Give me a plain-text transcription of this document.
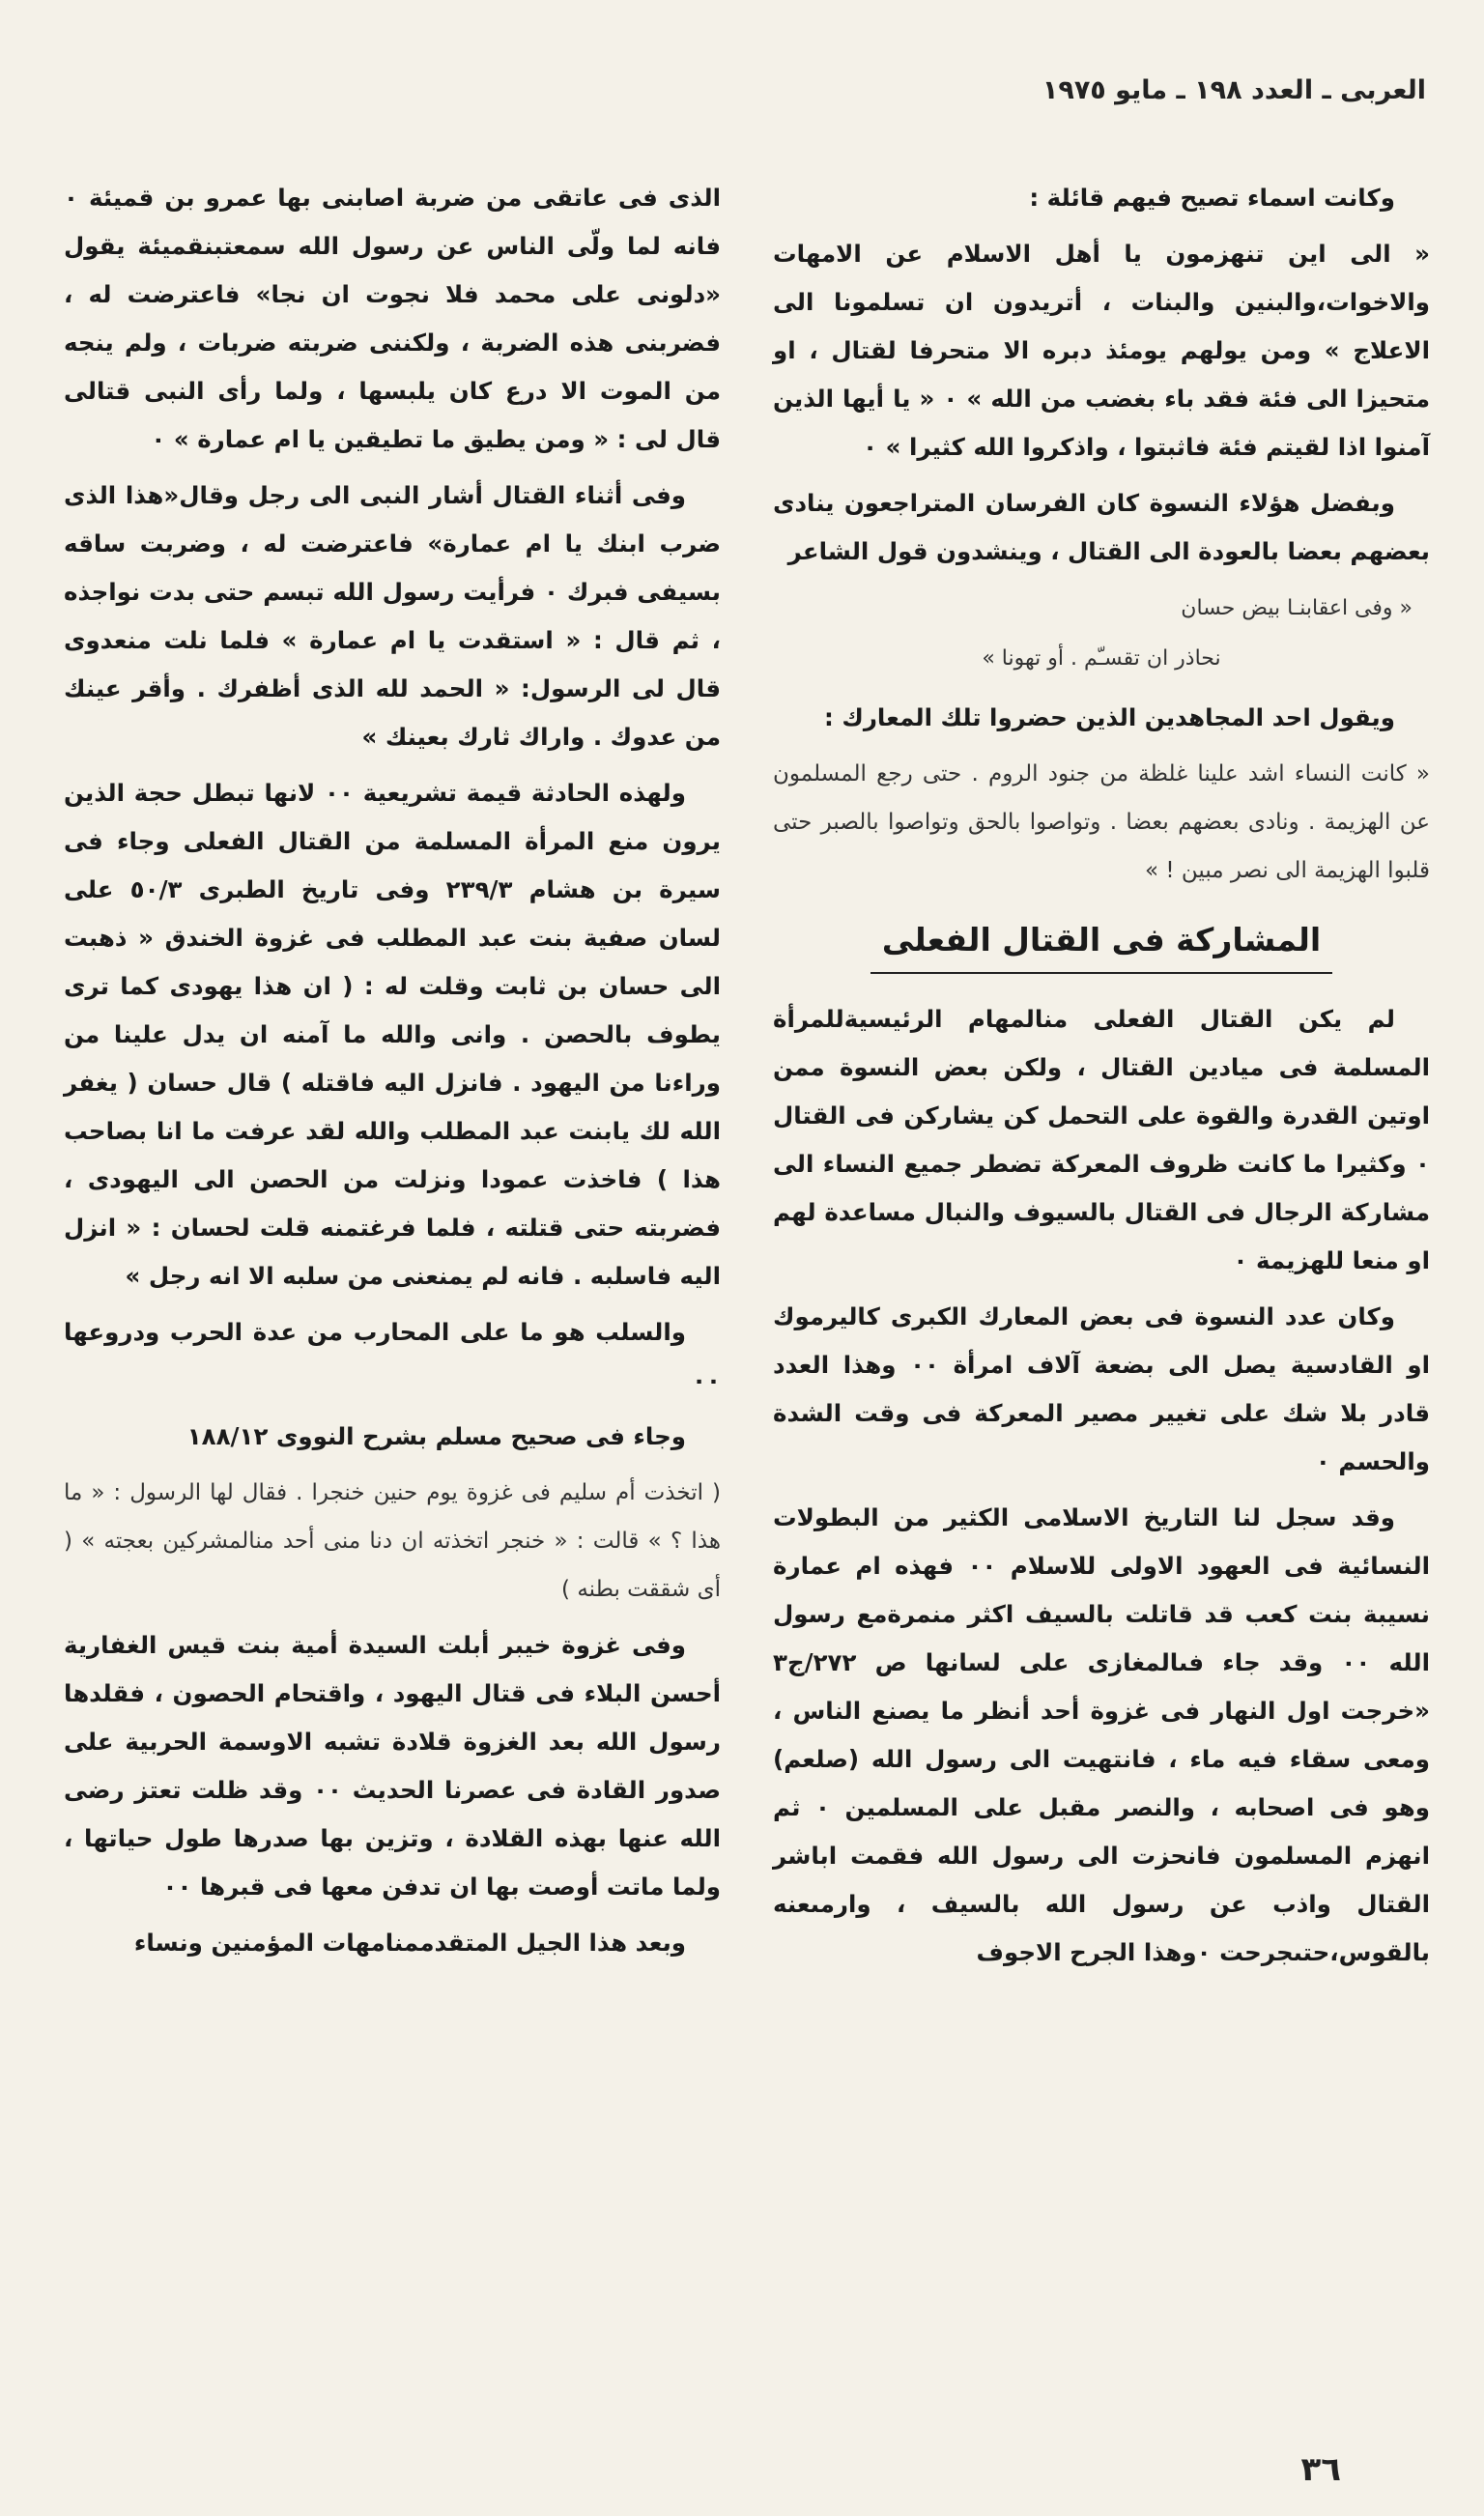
العربى ـ العدد ١٩٨ ـ مايو ١٩٧٥

وكانت اسماء تصيح فيهم قائلة :

« الى اين تنهزمون يا أهل الاسلام عن الامهات والاخوات،والبنين والبنات ، أتريدون ان تسلمونا الى الاعلاج » ومن يولهم يومئذ دبره الا متحرفا لقتال ، او متحيزا الى فئة فقد باء بغضب من الله » ٠ « يا أيها الذين آمنوا اذا لقيتم فئة فاثبتوا ، واذكروا الله كثيرا » ٠

وبفضل هؤلاء النسوة كان الفرسان المتراجعون ينادى بعضهم بعضا بالعودة الى القتال ، وينشدون قول الشاعر

« وفى اعقابنـا بيض حسان
نحاذر ان تقسـّم . أو تهونا »

ويقول احد المجاهدين الذين حضروا تلك المعارك :

« كانت النساء اشد علينا غلظة من جنود الروم . حتى رجع المسلمون عن الهزيمة . ونادى بعضهم بعضا . وتواصوا بالحق وتواصوا بالصبر حتى قلبوا الهزيمة الى نصر مبين ! »

المشاركة فى القتال الفعلى

لم يكن القتال الفعلى منالمهام الرئيسيةللمرأة المسلمة فى ميادين القتال ، ولكن بعض النسوة ممن اوتين القدرة والقوة على التحمل كن يشاركن فى القتال ٠ وكثيرا ما كانت ظروف المعركة تضطر جميع النساء الى مشاركة الرجال فى القتال بالسيوف والنبال مساعدة لهم او منعا للهزيمة ٠

وكان عدد النسوة فى بعض المعارك الكبرى كاليرموك او القادسية يصل الى بضعة آلاف امرأة ٠٠ وهذا العدد قادر بلا شك على تغيير مصير المعركة فى وقت الشدة والحسم ٠

وقد سجل لنا التاريخ الاسلامى الكثير من البطولات النسائية فى العهود الاولى للاسلام ٠٠ فهذه ام عمارة نسيبة بنت كعب قد قاتلت بالسيف اكثر منمرةمع رسول الله ٠٠ وقد جاء فىالمغازى على لسانها ص ٢٧٢/ج٣ «خرجت اول النهار فى غزوة أحد أنظر ما يصنع الناس ، ومعى سقاء فيه ماء ، فانتهيت الى رسول الله (صلعم) وهو فى اصحابه ، والنصر مقبل على المسلمين ٠ ثم انهزم المسلمون فانحزت الى رسول الله فقمت اباشر القتال واذب عن رسول الله بالسيف ، وارمىعنه بالقوس،حتىجرحت ٠وهذا الجرح الاجوف

الذى فى عاتقى من ضربة اصابنى بها عمرو بن قميئة ٠ فانه لما ولّى الناس عن رسول الله سمعتبنقميئة يقول «دلونى على محمد فلا نجوت ان نجا» فاعترضت له ، فضربنى هذه الضربة ، ولكننى ضربته ضربات ، ولم ينجه من الموت الا درع كان يلبسها ، ولما رأى النبى قتالى قال لى : « ومن يطيق ما تطيقين يا ام عمارة » ٠

وفى أثناء القتال أشار النبى الى رجل وقال«هذا الذى ضرب ابنك يا ام عمارة» فاعترضت له ، وضربت ساقه بسيفى فبرك ٠ فرأيت رسول الله تبسم حتى بدت نواجذه ، ثم قال : « استقدت يا ام عمارة » فلما نلت منعدوى قال لى الرسول: « الحمد لله الذى أظفرك . وأقر عينك من عدوك . واراك ثارك بعينك »

ولهذه الحادثة قيمة تشريعية ٠٠ لانها تبطل حجة الذين يرون منع المرأة المسلمة من القتال الفعلى وجاء فى سيرة بن هشام ٢٣٩/٣ وفى تاريخ الطبرى ٥٠/٣ على لسان صفية بنت عبد المطلب فى غزوة الخندق « ذهبت الى حسان بن ثابت وقلت له : ( ان هذا يهودى كما ترى يطوف بالحصن . وانى والله ما آمنه ان يدل علينا من وراءنا من اليهود . فانزل اليه فاقتله ) قال حسان ( يغفر الله لك يابنت عبد المطلب والله لقد عرفت ما انا بصاحب هذا ) فاخذت عمودا ونزلت من الحصن الى اليهودى ، فضربته حتى قتلته ، فلما فرغتمنه قلت لحسان : « انزل اليه فاسلبه . فانه لم يمنعنى من سلبه الا انه رجل »

والسلب هو ما على المحارب من عدة الحرب ودروعها ٠٠

وجاء فى صحيح مسلم بشرح النووى ١٨٨/١٢

( اتخذت أم سليم فى غزوة يوم حنين خنجرا . فقال لها الرسول : « ما هذا ؟ » قالت : « خنجر اتخذته ان دنا منى أحد منالمشركين بعجته » ( أى شققت بطنه )

وفى غزوة خيبر أبلت السيدة أمية بنت قيس الغفارية أحسن البلاء فى قتال اليهود ، واقتحام الحصون ، فقلدها رسول الله بعد الغزوة قلادة تشبه الاوسمة الحربية على صدور القادة فى عصرنا الحديث ٠٠ وقد ظلت تعتز رضى الله عنها بهذه القلادة ، وتزين بها صدرها طول حياتها ، ولما ماتت أوصت بها ان تدفن معها فى قبرها ٠٠

وبعد هذا الجيل المتقدممنامهات المؤمنين ونساء

٣٦
